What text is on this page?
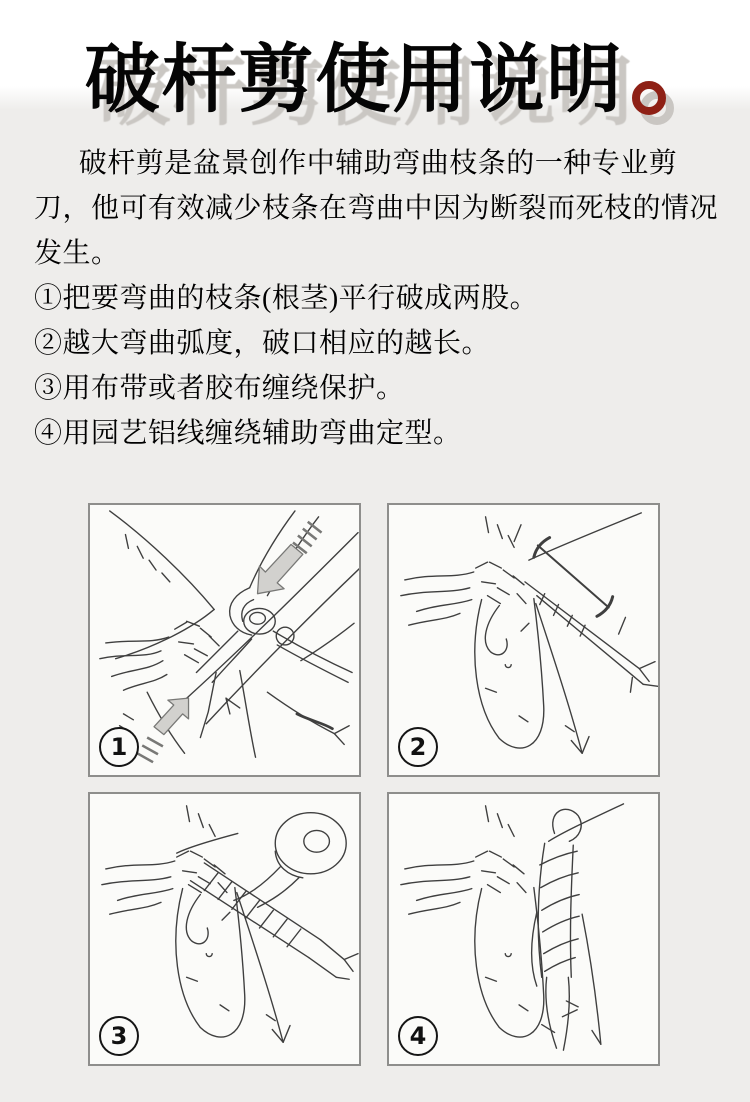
破杆剪使用说明
破杆剪是盆景创作中辅助弯曲枝条的一种专业剪刀，他可有效减少枝条在弯曲中因为断裂而死枝的情况发生。
①把要弯曲的枝条(根茎)平行破成两股。
②越大弯曲弧度，破口相应的越长。
③用布带或者胶布缠绕保护。
④用园艺铝线缠绕辅助弯曲定型。
1	2
3	4
